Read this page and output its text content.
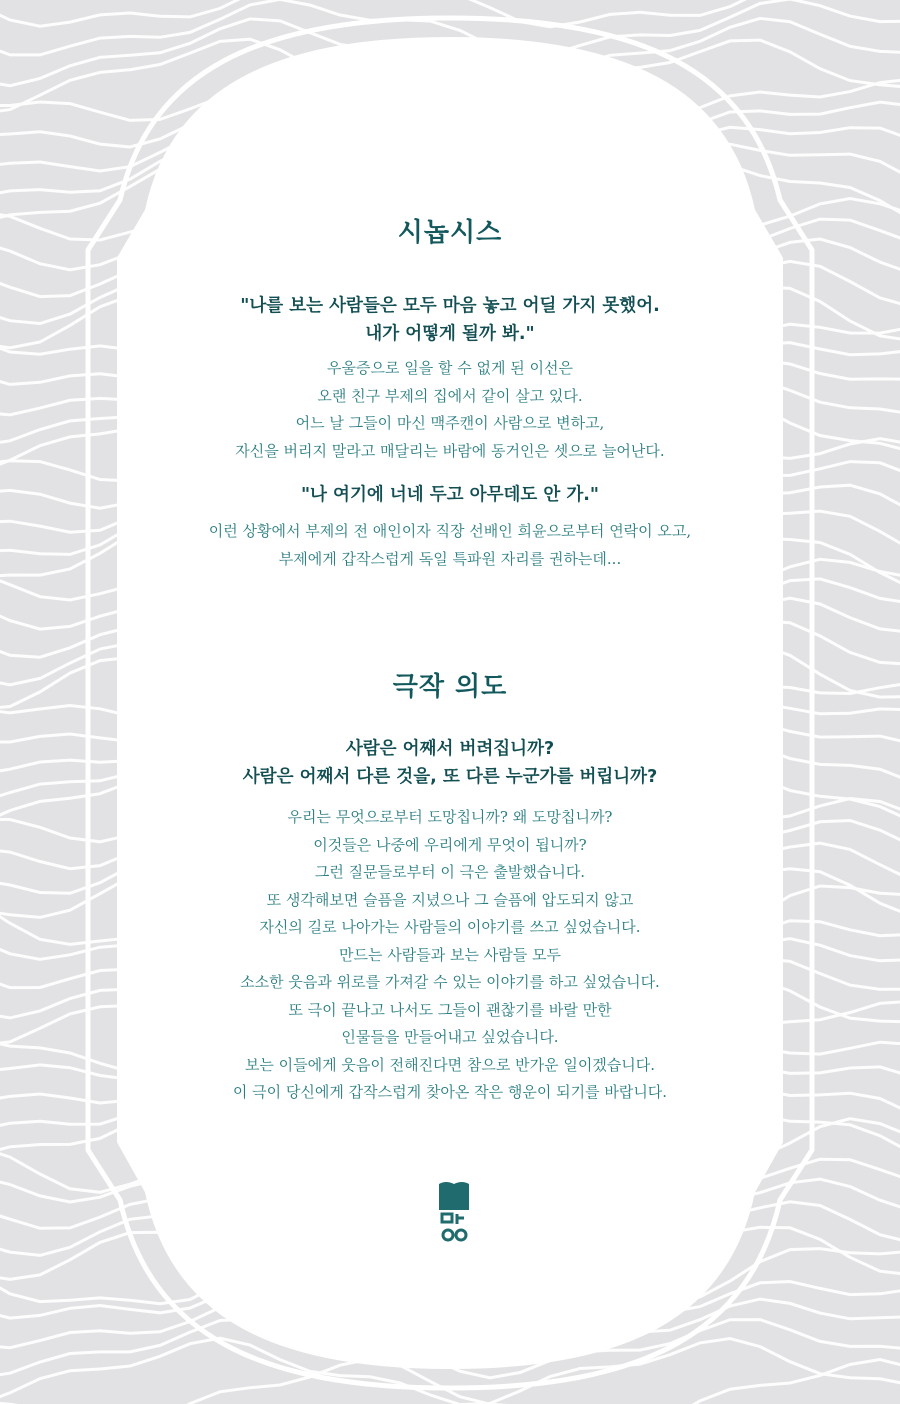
시놉시스
"나를 보는 사람들은 모두 마음 놓고 어딜 가지 못했어.
내가 어떻게 될까 봐."
우울증으로 일을 할 수 없게 된 이선은
오랜 친구 부제의 집에서 같이 살고 있다.
어느 날 그들이 마신 맥주캔이 사람으로 변하고,
자신을 버리지 말라고 매달리는 바람에 동거인은 셋으로 늘어난다.
"나 여기에 너네 두고 아무데도 안 가."
이런 상황에서 부제의 전 애인이자 직장 선배인 희윤으로부터 연락이 오고,
부제에게 갑작스럽게 독일 특파원 자리를 권하는데...
극작 의도
사람은 어째서 버려집니까?
사람은 어째서 다른 것을, 또 다른 누군가를 버립니까?
우리는 무엇으로부터 도망칩니까? 왜 도망칩니까?
이것들은 나중에 우리에게 무엇이 됩니까?
그런 질문들로부터 이 극은 출발했습니다.
또 생각해보면 슬픔을 지녔으나 그 슬픔에 압도되지 않고
자신의 길로 나아가는 사람들의 이야기를 쓰고 싶었습니다.
만드는 사람들과 보는 사람들 모두
소소한 웃음과 위로를 가져갈 수 있는 이야기를 하고 싶었습니다.
또 극이 끝나고 나서도 그들이 괜찮기를 바랄 만한
인물들을 만들어내고 싶었습니다.
보는 이들에게 웃음이 전해진다면 참으로 반가운 일이겠습니다.
이 극이 당신에게 갑작스럽게 찾아온 작은 행운이 되기를 바랍니다.
